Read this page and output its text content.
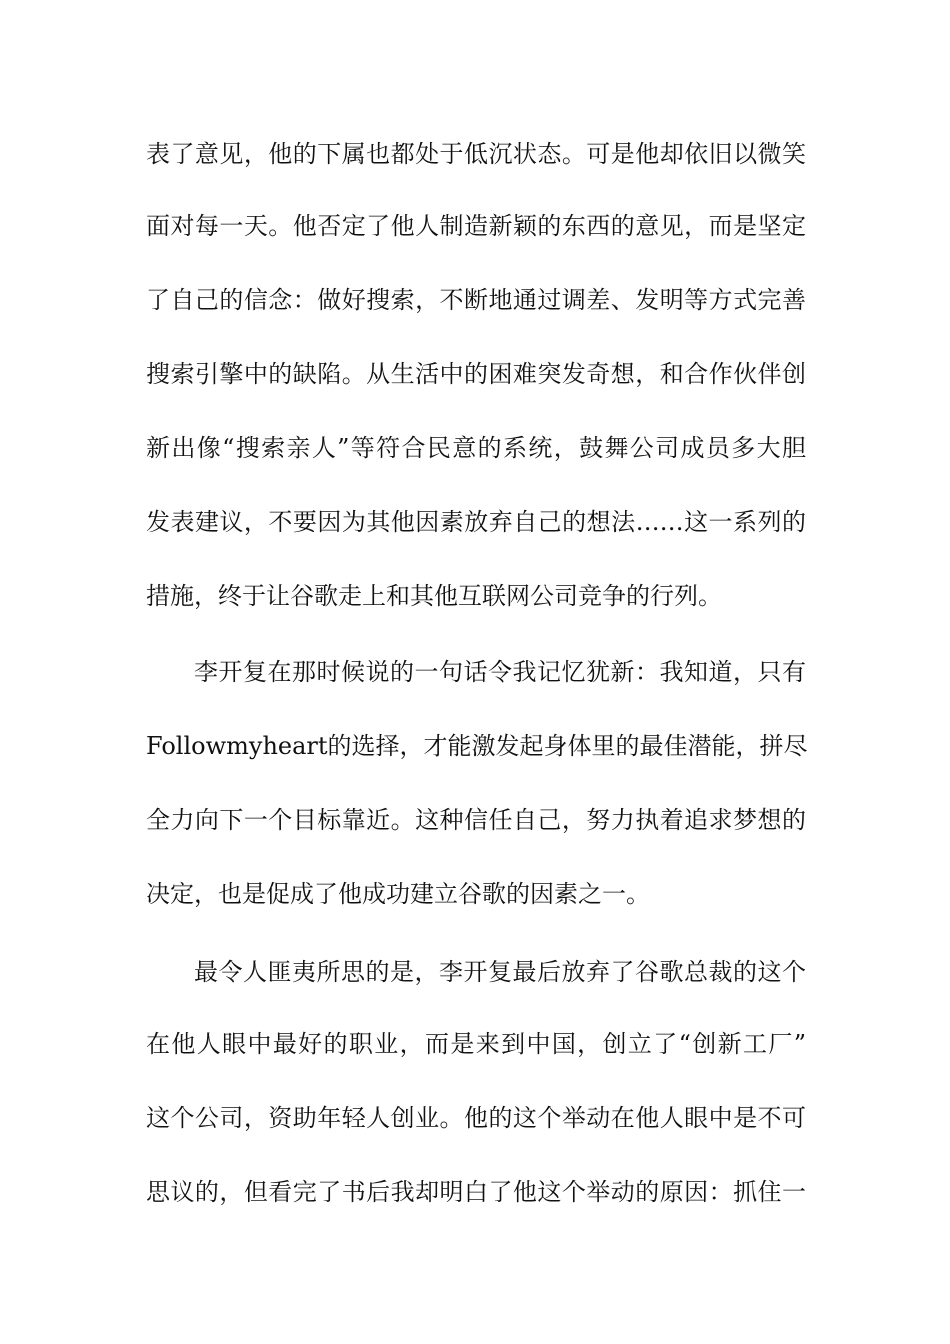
表了意见，他的下属也都处于低沉状态。可是他却依旧以微笑
面对每一天。他否定了他人制造新颖的东西的意见，而是坚定
了自己的信念：做好搜索，不断地通过调差、发明等方式完善
搜索引擎中的缺陷。从生活中的困难突发奇想，和合作伙伴创
新出像“搜索亲人”等符合民意的系统，鼓舞公司成员多大胆
发表建议，不要因为其他因素放弃自己的想法……这一系列的
措施，终于让谷歌走上和其他互联网公司竞争的行列。
李开复在那时候说的一句话令我记忆犹新：我知道，只有
Followmyheart的选择，才能激发起身体里的最佳潜能，拼尽
全力向下一个目标靠近。这种信任自己，努力执着追求梦想的
决定，也是促成了他成功建立谷歌的因素之一。
最令人匪夷所思的是，李开复最后放弃了谷歌总裁的这个
在他人眼中最好的职业，而是来到中国，创立了“创新工厂”
这个公司，资助年轻人创业。他的这个举动在他人眼中是不可
思议的，但看完了书后我却明白了他这个举动的原因：抓住一
